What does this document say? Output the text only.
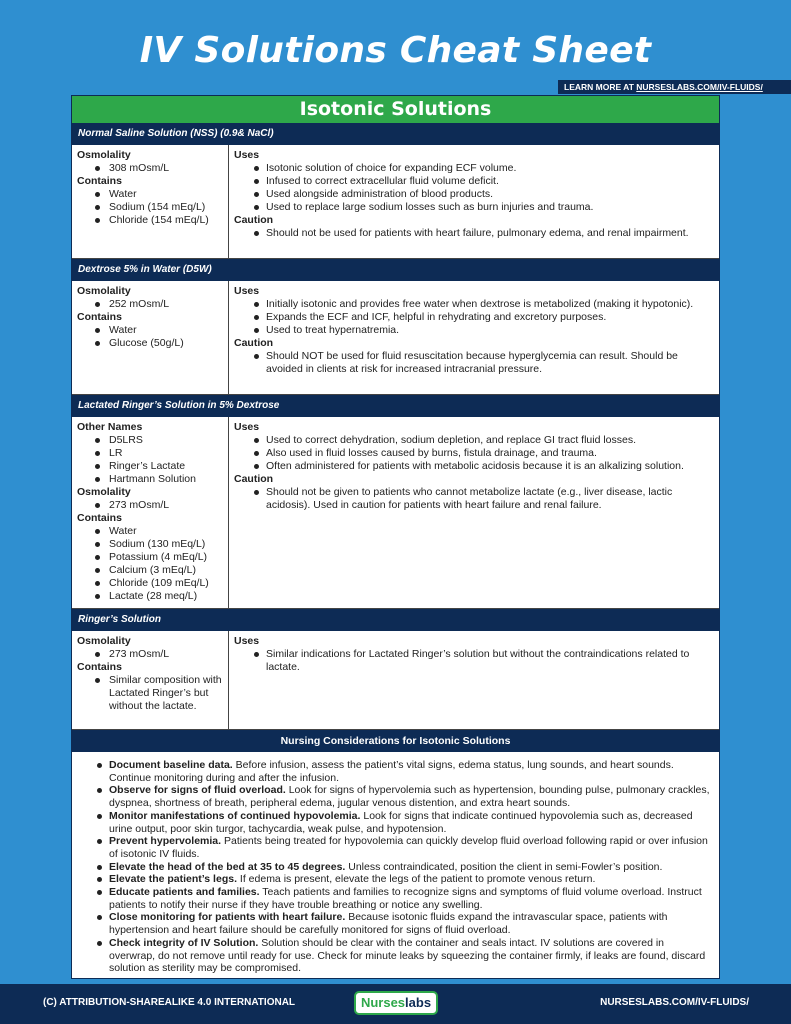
IV Solutions Cheat Sheet
LEARN MORE AT NURSESLABS.COM/IV-FLUIDS/
Isotonic Solutions
Normal Saline Solution (NSS) (0.9& NaCl)
Osmolality
308 mOsm/L
Contains
Water
Sodium (154 mEq/L)
Chloride (154 mEq/L)
Uses
Isotonic solution of choice for expanding ECF volume.
Infused to correct extracellular fluid volume deficit.
Used alongside administration of blood products.
Used to replace large sodium losses such as burn injuries and trauma.
Caution
Should not be used for patients with heart failure, pulmonary edema, and renal impairment.
Dextrose 5% in Water (D5W)
Osmolality
252 mOsm/L
Contains
Water
Glucose (50g/L)
Uses
Initially isotonic and provides free water when dextrose is metabolized (making it hypotonic).
Expands the ECF and ICF, helpful in rehydrating and excretory purposes.
Used to treat hypernatremia.
Caution
Should NOT be used for fluid resuscitation because hyperglycemia can result. Should be avoided in clients at risk for increased intracranial pressure.
Lactated Ringer’s Solution in 5% Dextrose
Other Names
D5LRS
LR
Ringer’s Lactate
Hartmann Solution
Osmolality
273 mOsm/L
Contains
Water
Sodium (130 mEq/L)
Potassium (4 mEq/L)
Calcium (3 mEq/L)
Chloride (109 mEq/L)
Lactate (28 meq/L)
Uses
Used to correct dehydration, sodium depletion, and replace GI tract fluid losses.
Also used in fluid losses caused by burns, fistula drainage, and trauma.
Often administered for patients with metabolic acidosis because it is an alkalizing solution.
Caution
Should not be given to patients who cannot metabolize lactate (e.g., liver disease, lactic acidosis). Used in caution for patients with heart failure and renal failure.
Ringer’s Solution
Osmolality
273 mOsm/L
Contains
Similar composition with Lactated Ringer’s but without the lactate.
Uses
Similar indications for Lactated Ringer’s solution but without the contraindications related to lactate.
Nursing Considerations for Isotonic Solutions
Document baseline data. Before infusion, assess the patient’s vital signs, edema status, lung sounds, and heart sounds. Continue monitoring during and after the infusion.
Observe for signs of fluid overload. Look for signs of hypervolemia such as hypertension, bounding pulse, pulmonary crackles, dyspnea, shortness of breath, peripheral edema, jugular venous distention, and extra heart sounds.
Monitor manifestations of continued hypovolemia. Look for signs that indicate continued hypovolemia such as, decreased urine output, poor skin turgor, tachycardia, weak pulse, and hypotension.
Prevent hypervolemia. Patients being treated for hypovolemia can quickly develop fluid overload following rapid or over infusion of isotonic IV fluids.
Elevate the head of the bed at 35 to 45 degrees. Unless contraindicated, position the client in semi-Fowler’s position.
Elevate the patient’s legs. If edema is present, elevate the legs of the patient to promote venous return.
Educate patients and families. Teach patients and families to recognize signs and symptoms of fluid volume overload. Instruct patients to notify their nurse if they have trouble breathing or notice any swelling.
Close monitoring for patients with heart failure. Because isotonic fluids expand the intravascular space, patients with hypertension and heart failure should be carefully monitored for signs of fluid overload.
Check integrity of IV Solution. Solution should be clear with the container and seals intact. IV solutions are covered in overwrap, do not remove until ready for use. Check for minute leaks by squeezing the container firmly, if leaks are found, discard solution as sterility may be compromised.
(C) ATTRIBUTION-SHAREALIKE 4.0 INTERNATIONAL	Nurseslabs	NURSESLABS.COM/IV-FLUIDS/
